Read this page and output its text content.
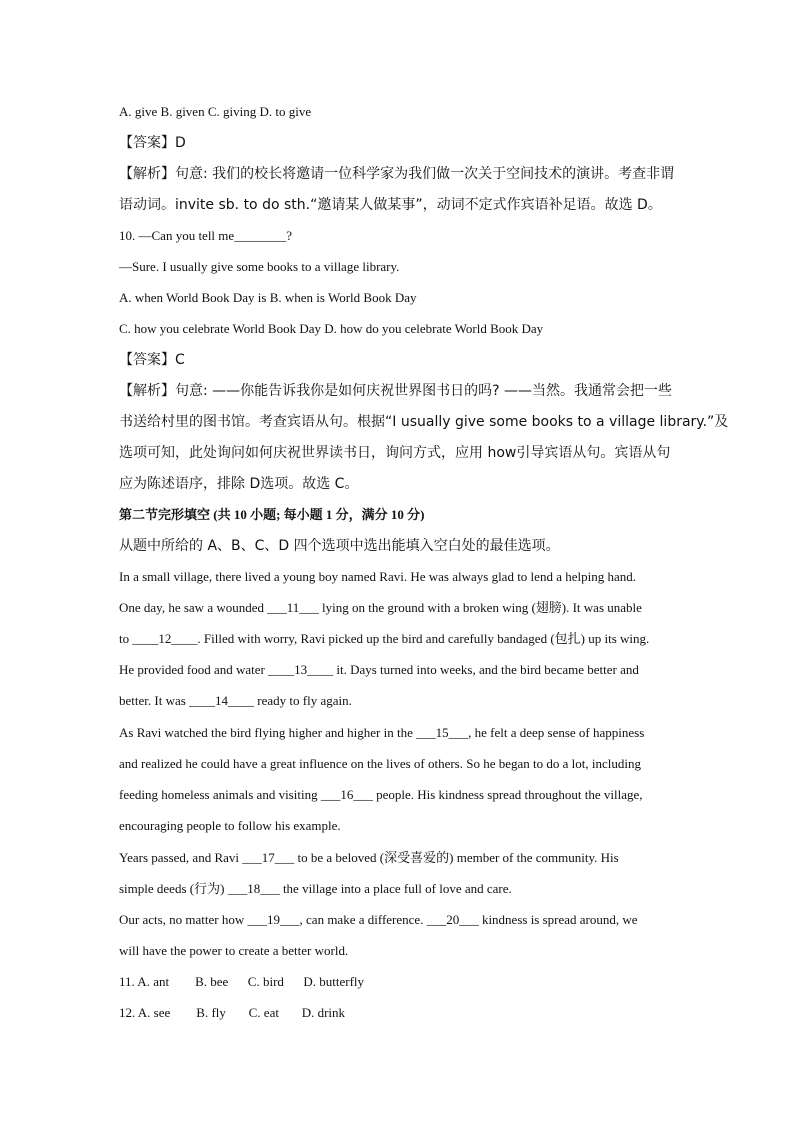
A. give B. given C. giving D. to give
【答案】D
【解析】句意: 我们的校长将邀请一位科学家为我们做一次关于空间技术的演讲。考查非谓
语动词。invite sb. to do sth.“邀请某人做某事”，动词不定式作宾语补足语。故选 D。
10. —Can you tell me________?
—Sure. I usually give some books to a village library.
A. when World Book Day is B. when is World Book Day
C. how you celebrate World Book Day D. how do you celebrate World Book Day
【答案】C
【解析】句意: ——你能告诉我你是如何庆祝世界图书日的吗? ——当然。我通常会把一些
书送给村里的图书馆。考查宾语从句。根据“I usually give some books to a village library.”及
选项可知，此处询问如何庆祝世界读书日，询问方式，应用 how引导宾语从句。宾语从句
应为陈述语序，排除 D选项。故选 C。
第二节完形填空 (共 10 小题; 每小题 1 分，满分 10 分)
从题中所给的 A、B、C、D 四个选项中选出能填入空白处的最佳选项。
In a small village, there lived a young boy named Ravi. He was always glad to lend a helping hand.
One day, he saw a wounded ___11___ lying on the ground with a broken wing (翅膀). It was unable
to ____12____. Filled with worry, Ravi picked up the bird and carefully bandaged (包扎) up its wing.
He provided food and water ____13____ it. Days turned into weeks, and the bird became better and
better. It was ____14____ ready to fly again.
As Ravi watched the bird flying higher and higher in the ___15___, he felt a deep sense of happiness
and realized he could have a great influence on the lives of others. So he began to do a lot, including
feeding homeless animals and visiting ___16___ people. His kindness spread throughout the village,
encouraging people to follow his example.
Years passed, and Ravi ___17___ to be a beloved (深受喜爱的) member of the community. His
simple deeds (行为) ___18___ the village into a place full of love and care.
Our acts, no matter how ___19___, can make a difference. ___20___ kindness is spread around, we
will have the power to create a better world.
11. A. ant        B. bee      C. bird      D. butterfly
12. A. see        B. fly       C. eat       D. drink
